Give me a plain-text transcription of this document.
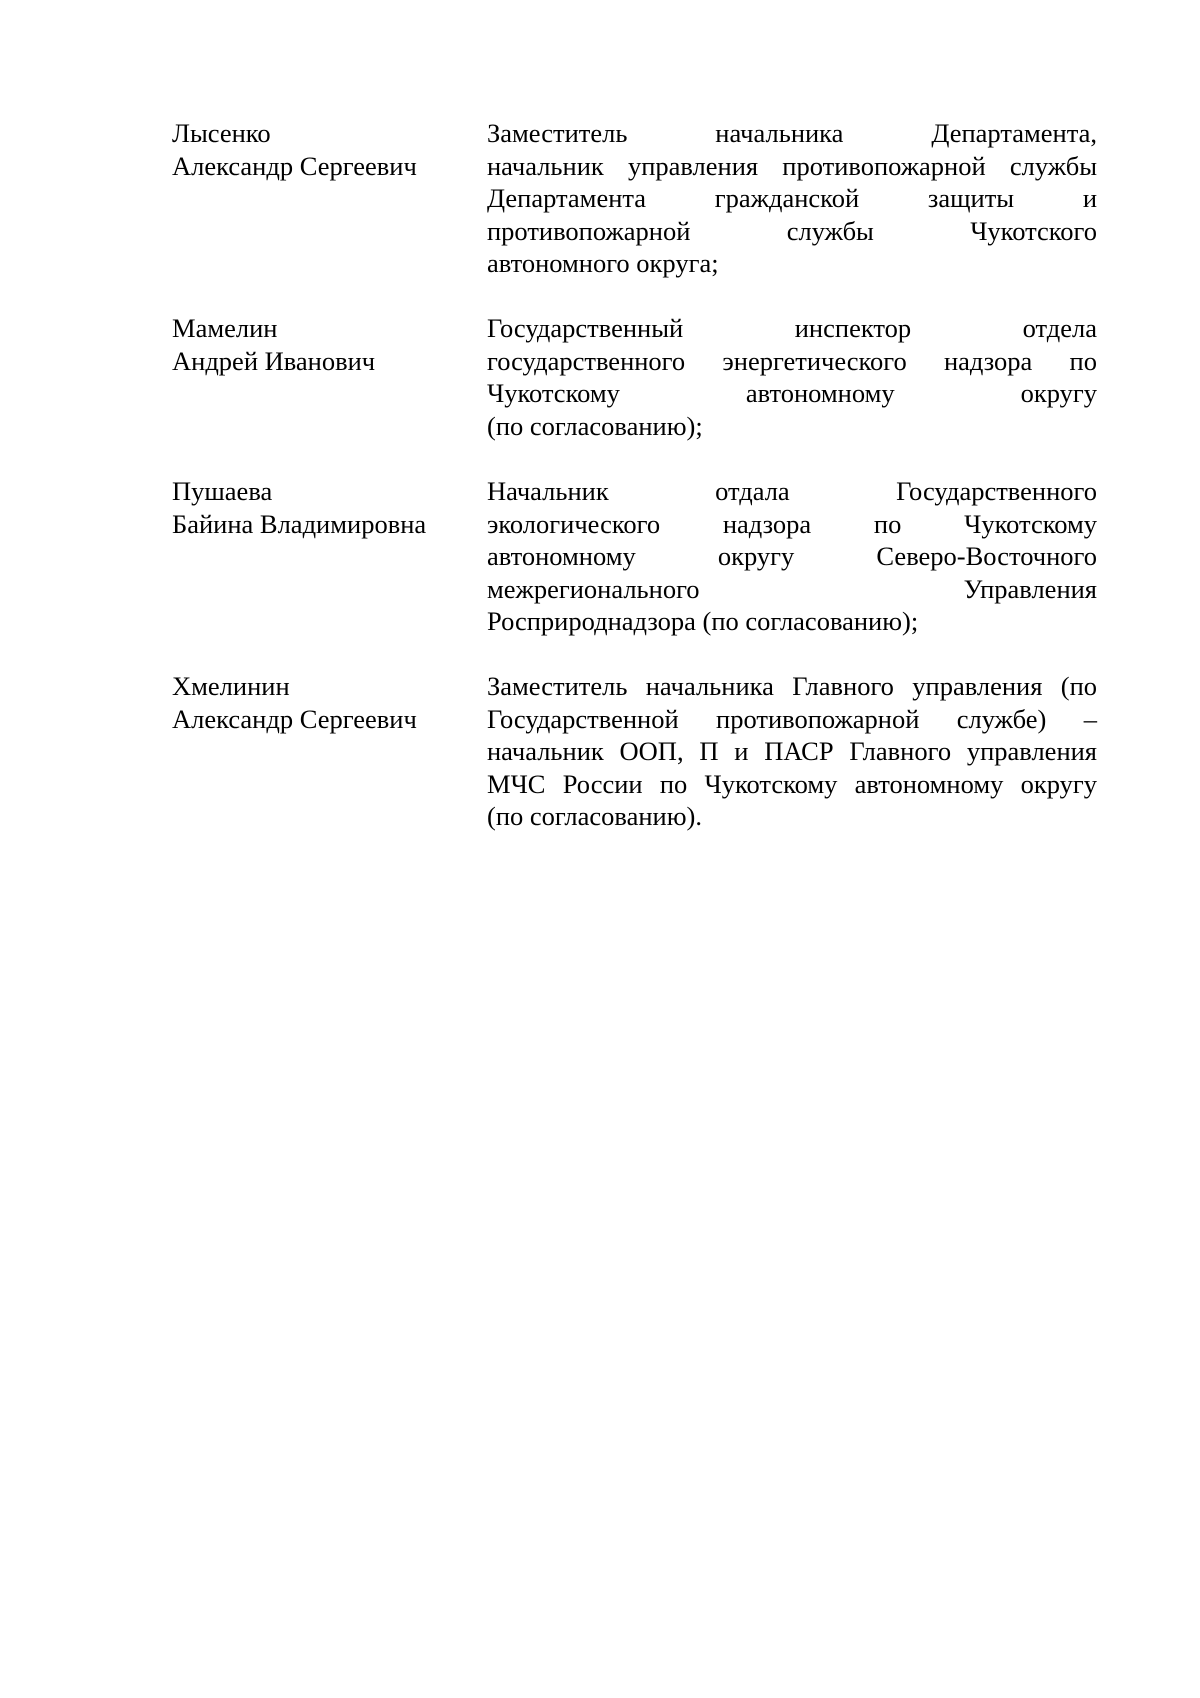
Лысенко
Александр Сергеевич
Заместитель начальника Департамента,
начальник управления противопожарной службы
Департамента гражданской защиты и
противопожарной службы Чукотского
автономного округа;
Мамелин
Андрей Иванович
Государственный инспектор отдела
государственного энергетического надзора по
Чукотскому автономному округу
(по согласованию);
Пушаева
Байина Владимировна
Начальник отдала Государственного
экологического надзора по Чукотскому
автономному округу Северо-Восточного
межрегионального Управления
Росприроднадзора (по согласованию);
Хмелинин
Александр Сергеевич
Заместитель начальника Главного управления (по
Государственной противопожарной службе) –
начальник ООП, П и ПАСР Главного управления
МЧС России по Чукотскому автономному округу
(по согласованию).
